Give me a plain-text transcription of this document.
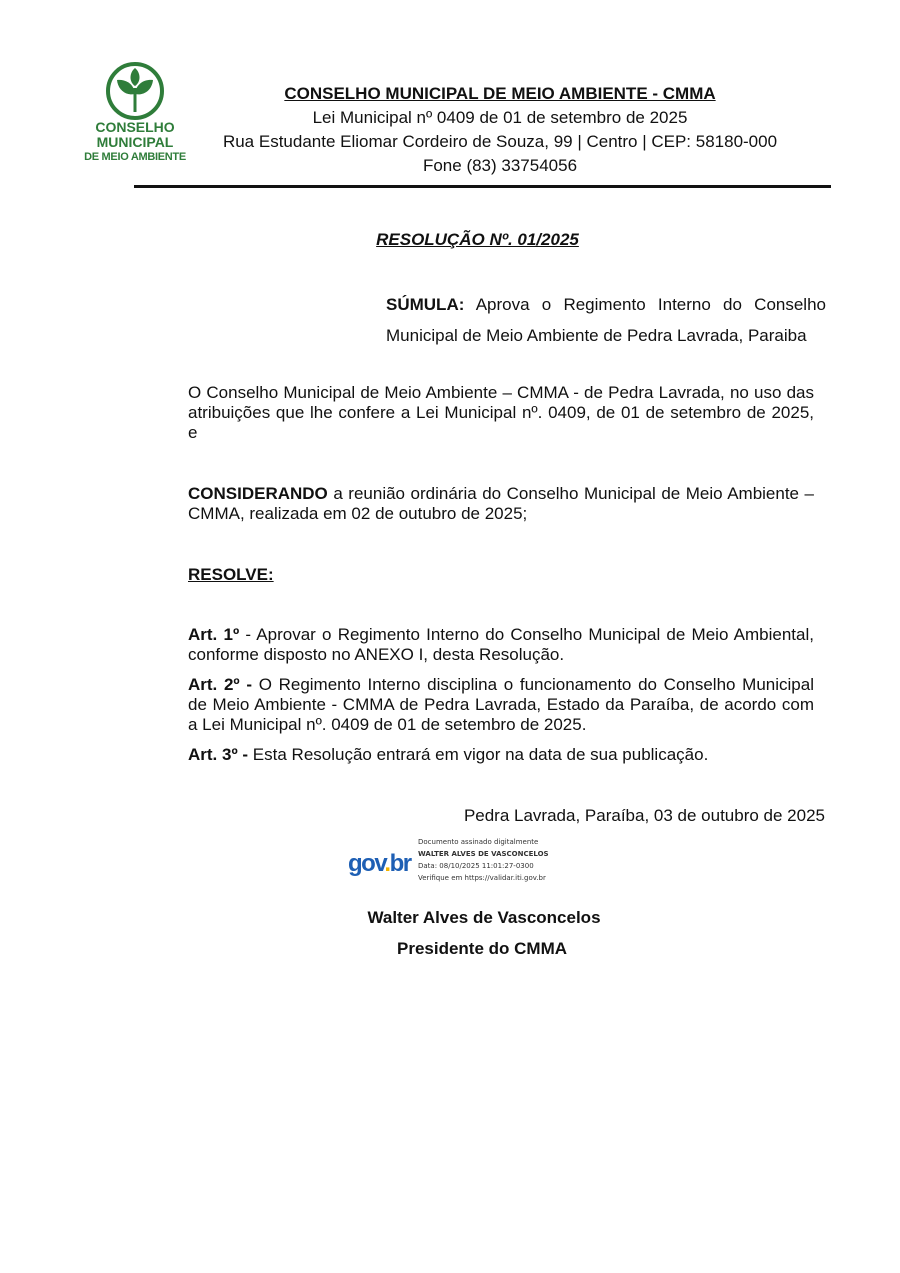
CONSELHO
MUNICIPAL
DE MEIO AMBIENTE
CONSELHO MUNICIPAL DE MEIO AMBIENTE - CMMA
Lei Municipal nº 0409 de 01 de setembro de 2025
Rua Estudante Eliomar Cordeiro de Souza, 99 | Centro | CEP: 58180-000
Fone (83) 33754056
RESOLUÇÃO Nº. 01/2025
SÚMULA: Aprova o Regimento Interno do Conselho Municipal de Meio Ambiente de Pedra Lavrada, Paraiba
O Conselho Municipal de Meio Ambiente – CMMA - de Pedra Lavrada, no uso das atribuições que lhe confere a Lei Municipal nº. 0409, de 01 de setembro de 2025, e
CONSIDERANDO a reunião ordinária do Conselho Municipal de Meio Ambiente – CMMA, realizada em 02 de outubro de 2025;
RESOLVE:
Art. 1º - Aprovar o Regimento Interno do Conselho Municipal de Meio Ambiental, conforme disposto no ANEXO I, desta Resolução.
Art. 2º - O Regimento Interno disciplina o funcionamento do Conselho Municipal de Meio Ambiente - CMMA de Pedra Lavrada, Estado da Paraíba, de acordo com a Lei Municipal nº. 0409 de 01 de setembro de 2025.
Art. 3º - Esta Resolução entrará em vigor na data de sua publicação.
Pedra Lavrada, Paraíba, 03 de outubro de 2025
gov.br
Documento assinado digitalmente
WALTER ALVES DE VASCONCELOS
Data: 08/10/2025 11:01:27-0300
Verifique em https://validar.iti.gov.br
Walter Alves de Vasconcelos
Presidente do CMMA
